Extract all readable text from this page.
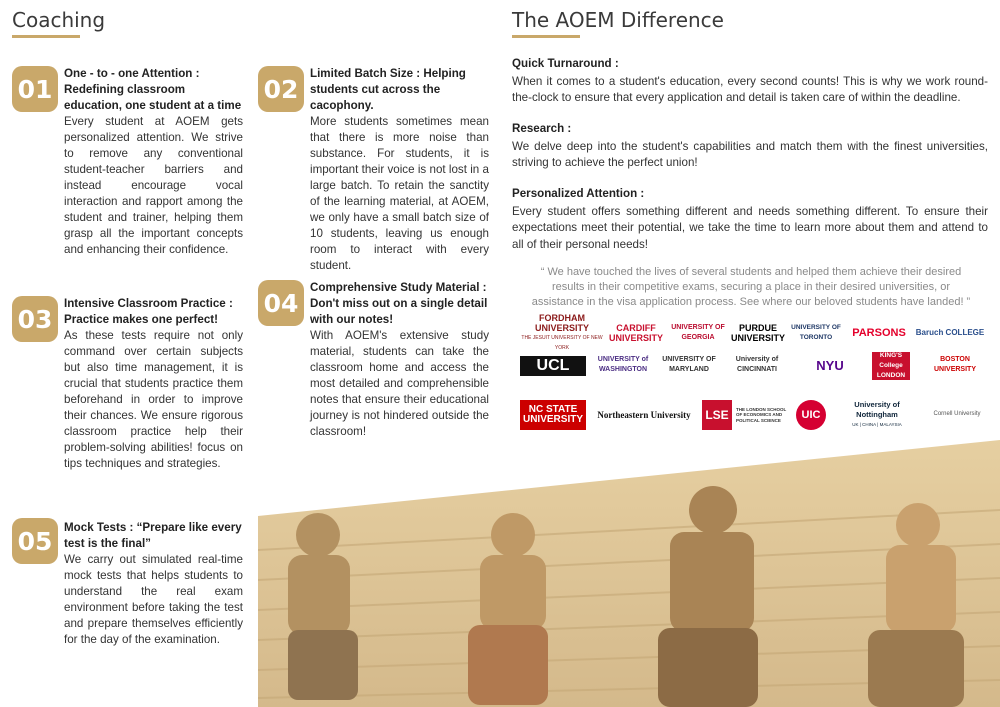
Coaching
01
One - to - one Attention : Redefining classroom education, one student at a time
Every student at AOEM gets personalized attention. We strive to remove any conventional student-teacher barriers and instead encourage vocal interaction and rapport among the student and trainer, helping them grasp all the important concepts and enhancing their confidence.
02
Limited Batch Size : Helping students cut across the cacophony.
More students sometimes mean that there is more noise than substance. For students, it is important their voice is not lost in a large batch. To retain the sanctity of the learning material, at AOEM, we only have a small batch size of 10 students, leaving us enough room to interact with every student.
03
Intensive Classroom Practice : Practice makes one perfect!
As these tests require not only command over certain subjects but also time management, it is crucial that students practice them beforehand in order to improve their chances. We ensure rigorous classroom practice help their problem-solving abilities! focus on tips techniques and strategies.
04
Comprehensive Study Material : Don't miss out on a single detail with our notes!
With AOEM's extensive study material, students can take the classroom home and access the most detailed and comprehensible notes that ensure their educational journey is not hindered outside the classroom!
05	Mock Tests : “Prepare like every test is the final”
We carry out simulated real-time mock tests that helps students to understand the real exam environment before taking the test and prepare themselves efficiently for the day of the examination.
The AOEM Difference
Quick Turnaround :
When it comes to a student's education, every second counts! This is why we work round-the-clock to ensure that every application and detail is taken care of within the deadline.
Research :
We delve deep into the student's capabilities and match them with the finest universities, striving to achieve the perfect union!
Personalized Attention :
Every student offers something different and needs something different. To ensure their expectations meet their potential, we take the time to learn more about them and attend to all of their personal needs!

“ We have touched the lives of several students and helped them achieve their desired results in their competitive exams, securing a place in their desired universities, or assistance in the visa application process. See where our beloved students have landed! ”

FORDHAM UNIVERSITY
THE JESUIT UNIVERSITY OF NEW YORK
CARDIFF UNIVERSITY
UNIVERSITY OF GEORGIA
PURDUE UNIVERSITY
UNIVERSITY OF TORONTO	PARSONS	Baruch COLLEGE
UCL	UNIVERSITY of WASHINGTON
UNIVERSITY OF MARYLAND
University of CINCINNATI	NYU
KING'S College LONDON
BOSTON UNIVERSITY
NC STATE UNIVERSITY	Northeastern University LSE	THE LONDON SCHOOL OF ECONOMICS AND POLITICAL SCIENCE	UIC
University of Nottingham
UK | CHINA | MALAYSIA
Cornell University
